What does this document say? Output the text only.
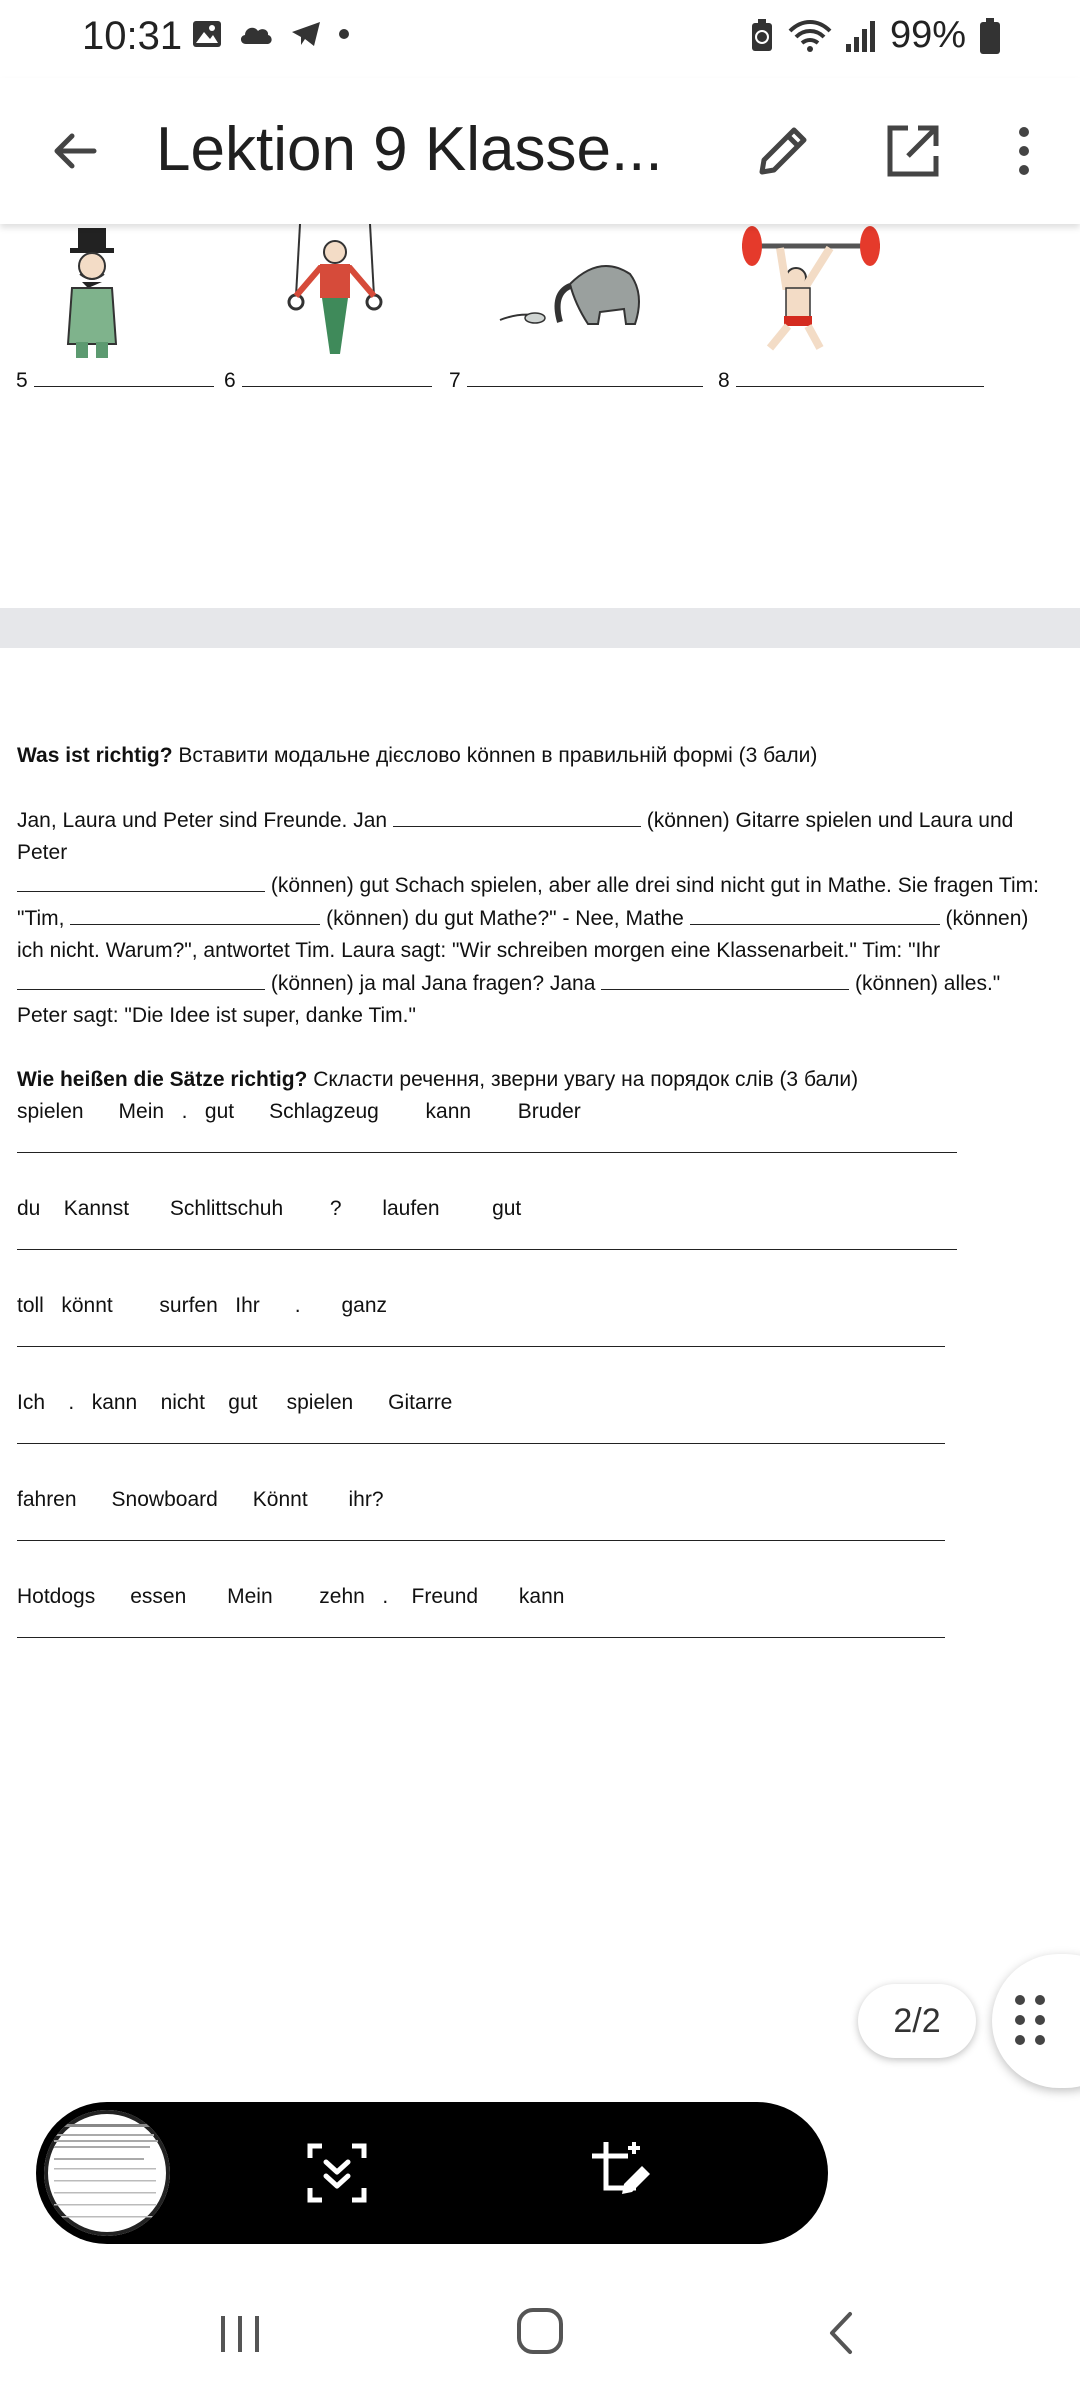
10:31	99%
Lektion 9 Klasse...
5	6	7	8

Was ist richtig? Вставити модальне дієслово können в правильній формі (3 бали)

Jan, Laura und Peter sind Freunde. Jan	(können) Gitarre spielen und Laura und Peter

(können) gut Schach spielen, aber alle drei sind nicht gut in Mathe. Sie fragen Tim:

"Tim,	(können) du gut Mathe?" - Nee, Mathe	(können)

ich nicht. Warum?", antwortet Tim. Laura sagt: "Wir schreiben morgen eine Klassenarbeit." Tim: "Ihr

(können) ja mal Jana fragen? Jana	(können) alles."

Peter sagt: "Die Idee ist super, danke Tim."

Wie heißen die Sätze richtig? Скласти речення, зверни увагу на порядок слів (3 бали)

spielen      Mein   .   gut      Schlagzeug        kann        Bruder

du    Kannst       Schlittschuh        ?       laufen         gut

toll   könnt        surfen   Ihr      .       ganz

Ich    .   kann    nicht    gut     spielen      Gitarre

fahren      Snowboard      Könnt       ihr?

Hotdogs      essen       Mein        zehn   .    Freund       kann

2/2
